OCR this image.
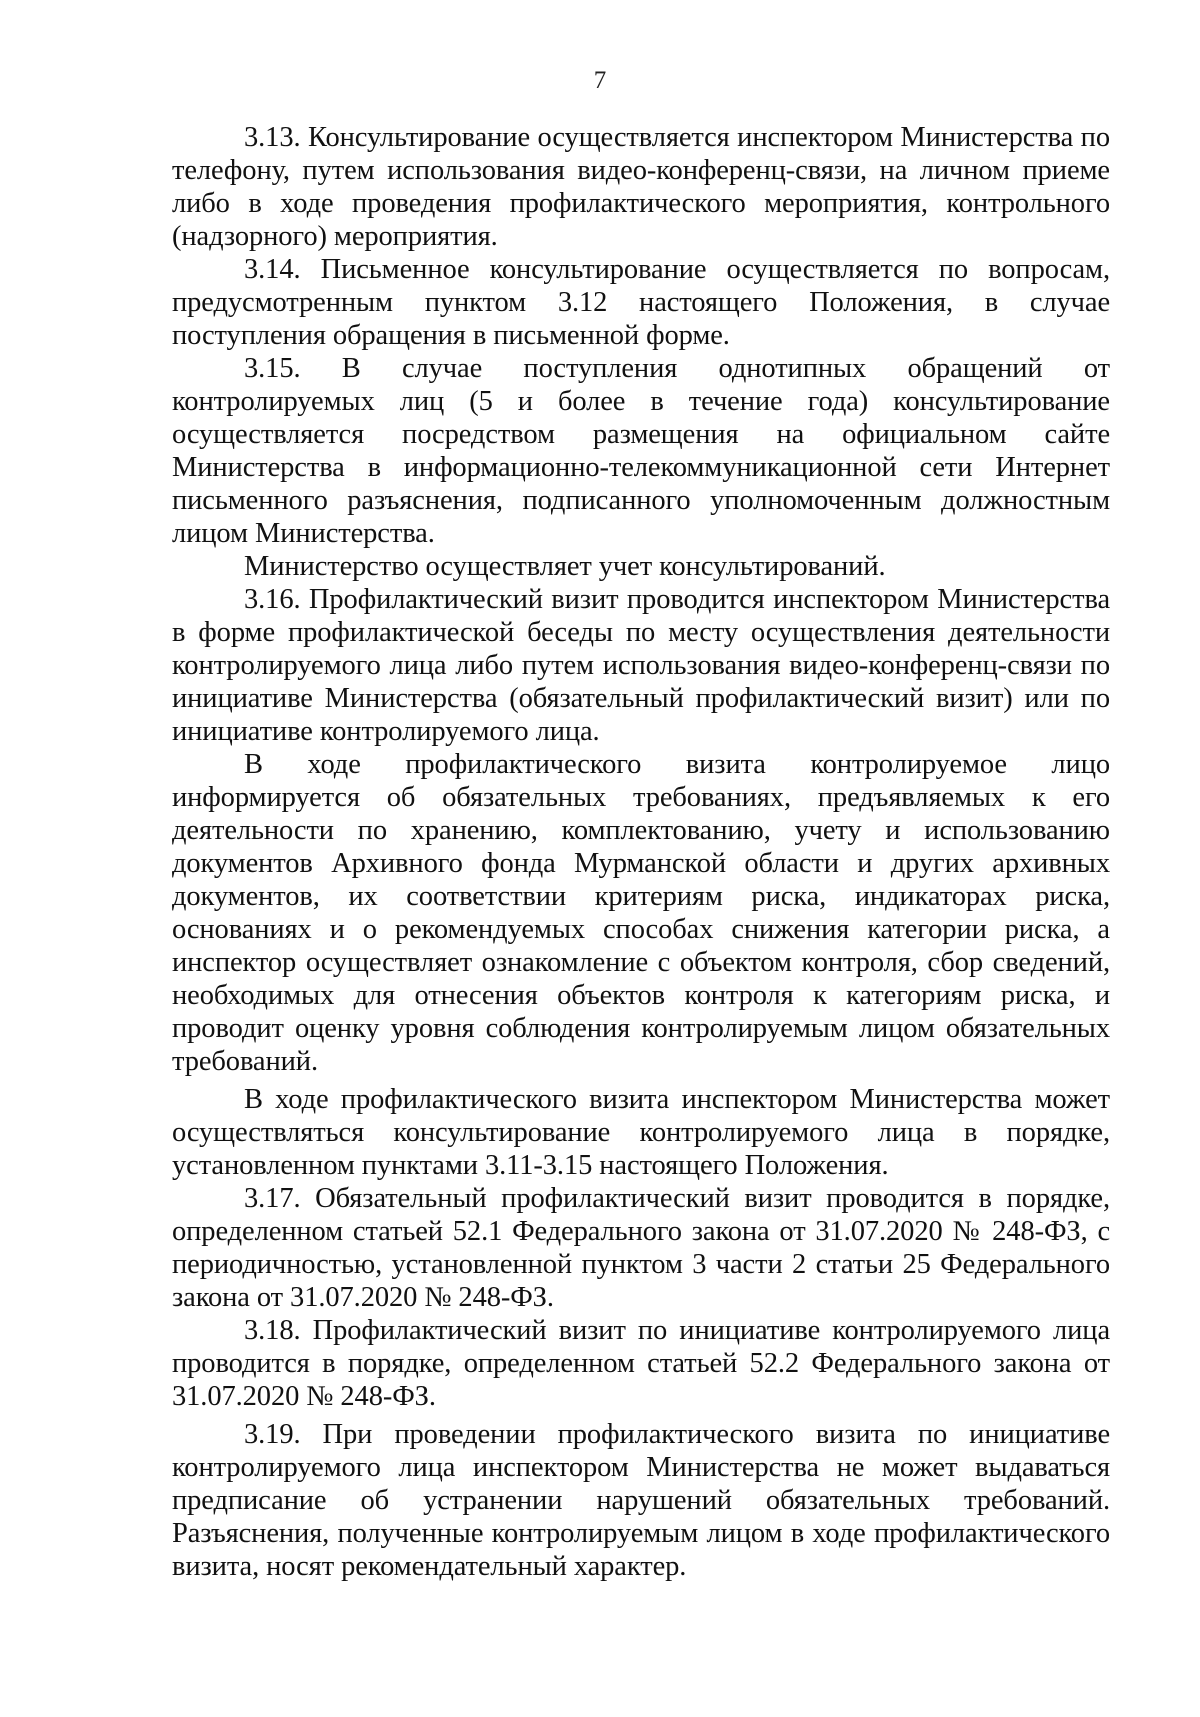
7

3.13. Консультирование осуществляется инспектором Министерства по телефону, путем использования видео-конференц-связи, на личном приеме либо в ходе проведения профилактического мероприятия, контрольного (надзорного) мероприятия.

3.14. Письменное консультирование осуществляется по вопросам, предусмотренным пунктом 3.12 настоящего Положения, в случае поступления обращения в письменной форме.

3.15. В случае поступления однотипных обращений от контролируемых лиц (5 и более в течение года) консультирование осуществляется посредством размещения на официальном сайте Министерства в информационно-телекоммуникационной сети Интернет письменного разъяснения, подписанного уполномоченным должностным лицом Министерства.

Министерство осуществляет учет консультирований.

3.16. Профилактический визит проводится инспектором Министерства в форме профилактической беседы по месту осуществления деятельности контролируемого лица либо путем использования видео-конференц-связи по инициативе Министерства (обязательный профилактический визит) или по инициативе контролируемого лица.

В ходе профилактического визита контролируемое лицо информируется об обязательных требованиях, предъявляемых к его деятельности по хранению, комплектованию, учету и использованию документов Архивного фонда Мурманской области и других архивных документов, их соответствии критериям риска, индикаторах риска, основаниях и о рекомендуемых способах снижения категории риска, а инспектор осуществляет ознакомление с объектом контроля, сбор сведений, необходимых для отнесения объектов контроля к категориям риска, и проводит оценку уровня соблюдения контролируемым лицом обязательных требований.

В ходе профилактического визита инспектором Министерства может осуществляться консультирование контролируемого лица в порядке, установленном пунктами 3.11-3.15 настоящего Положения.

3.17. Обязательный профилактический визит проводится в порядке, определенном статьей 52.1 Федерального закона от 31.07.2020 № 248-ФЗ, с периодичностью, установленной пунктом 3 части 2 статьи 25 Федерального закона от 31.07.2020 № 248-ФЗ.

3.18. Профилактический визит по инициативе контролируемого лица проводится в порядке, определенном статьей 52.2 Федерального закона от 31.07.2020 № 248-ФЗ.

3.19. При проведении профилактического визита по инициативе контролируемого лица инспектором Министерства не может выдаваться предписание об устранении нарушений обязательных требований. Разъяснения, полученные контролируемым лицом в ходе профилактического визита, носят рекомендательный характер.
